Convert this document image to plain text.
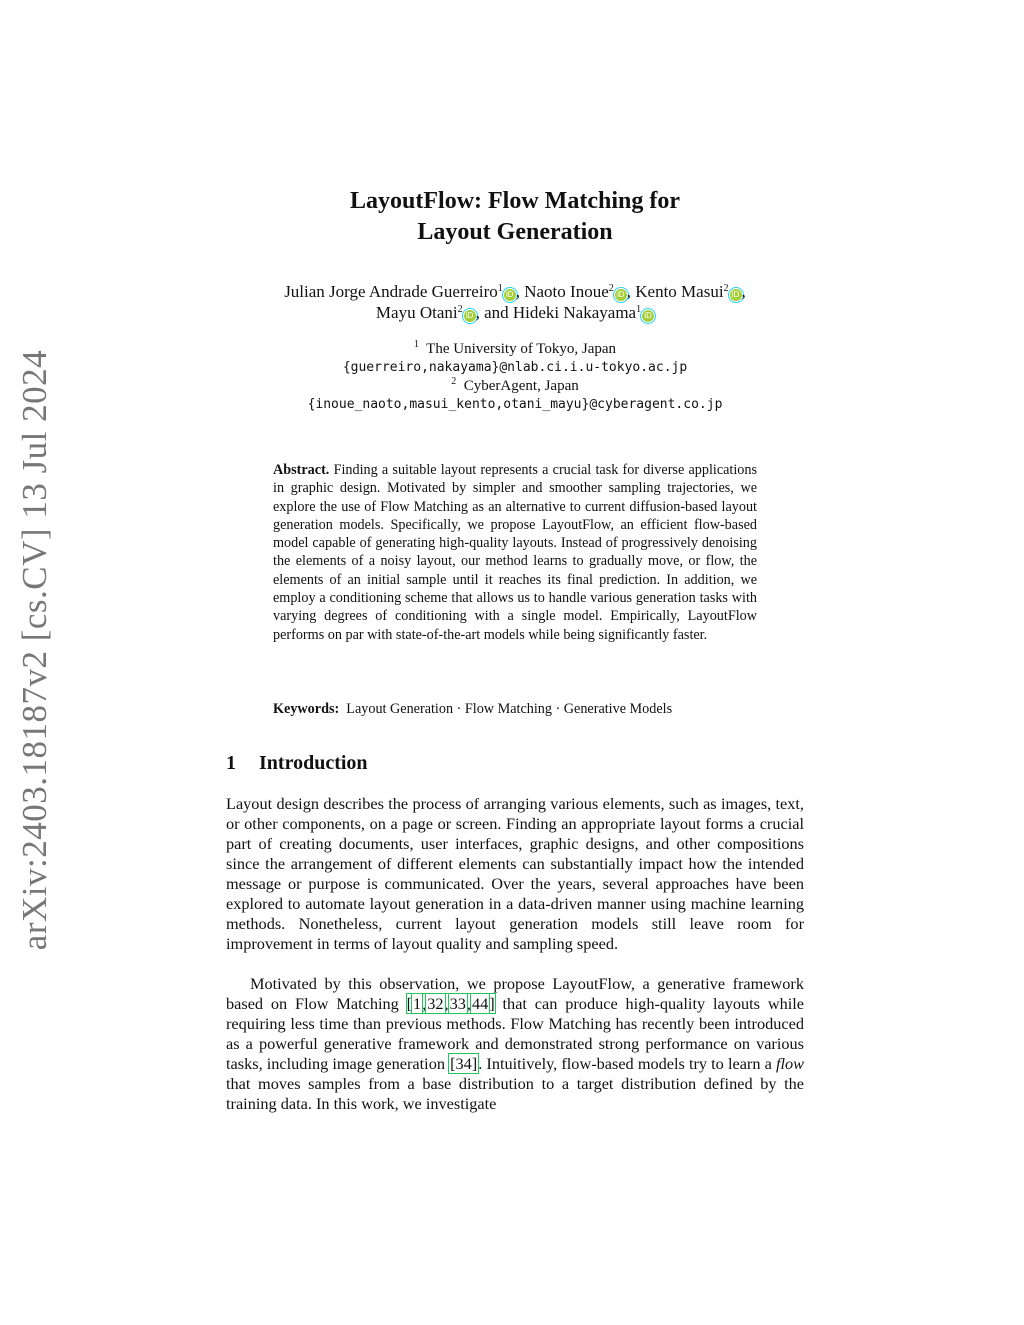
arXiv:2403.18187v2 [cs.CV] 13 Jul 2024
LayoutFlow: Flow Matching for
Layout Generation
Julian Jorge Andrade Guerreiro$^1$iD , Naoto Inoue$^2$iD , Kento Masui$^2$iD ,
Mayu Otani$^2$iD , and Hideki Nakayama$^1$iD
$^1$ The University of Tokyo, Japan
{guerreiro,nakayama}@nlab.ci.i.u-tokyo.ac.jp
$^2$ CyberAgent, Japan
{inoue_naoto,masui_kento,otani_mayu}@cyberagent.co.jp
Abstract. Finding a suitable layout represents a crucial task for diverse applications in graphic design. Motivated by simpler and smoother sampling trajectories, we explore the use of Flow Matching as an alternative to current diffusion-based layout generation models. Specifically, we propose LayoutFlow, an efficient flow-based model capable of generating high-quality layouts. Instead of progressively denoising the elements of a noisy layout, our method learns to gradually move, or flow, the elements of an initial sample until it reaches its final prediction. In addition, we employ a conditioning scheme that allows us to handle various generation tasks with varying degrees of conditioning with a single model. Empirically, LayoutFlow performs on par with state-of-the-art models while being significantly faster.
Keywords: Layout Generation · Flow Matching · Generative Models
1 Introduction
Layout design describes the process of arranging various elements, such as images, text, or other components, on a page or screen. Finding an appropriate layout forms a crucial part of creating documents, user interfaces, graphic designs, and other compositions since the arrangement of different elements can substantially impact how the intended message or purpose is communicated. Over the years, several approaches have been explored to automate layout generation in a data-driven manner using machine learning methods. Nonetheless, current layout generation models still leave room for improvement in terms of layout quality and sampling speed.
Motivated by this observation, we propose LayoutFlow, a generative framework based on Flow Matching [1,32,33,44] that can produce high-quality layouts while requiring less time than previous methods. Flow Matching has recently been introduced as a powerful generative framework and demonstrated strong performance on various tasks, including image generation [34]. Intuitively, flow-based models try to learn a flow that moves samples from a base distribution to a target distribution defined by the training data. In this work, we investigate
